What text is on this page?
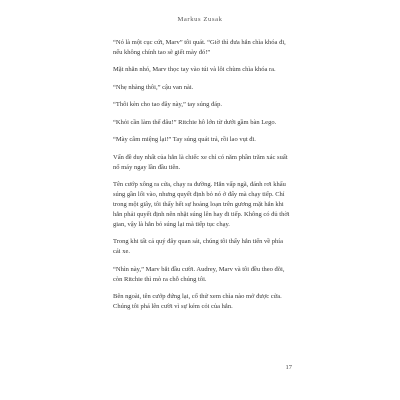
Markus Zusak

“Nó là một cục cứt, Marv” tôi quát. “Giờ thì đưa hắn chìa khóa đi, nếu không chính tao sẽ giết mày đó!”

Mặt nhăn nhó, Marv thọc tay vào túi và lôi chùm chìa khóa ra.

“Nhẹ nhàng thôi,” cậu van nài.

“Thôi kèn cho tao đây này,” tay súng đáp.

“Khỏi cần làm thế đâu!” Ritchie hô lớn từ dưới gầm bàn Lego.

“Mày câm miệng lại!” Tay súng quát trả, rồi lao vụt đi.

Vấn đề duy nhất của hắn là chiếc xe chỉ có năm phần trăm xác suất nổ máy ngay lần đầu tiên.

Tên cướp xông ra cửa, chạy ra đường. Hắn vấp ngã, đánh rơi khẩu súng gần lối vào, nhưng quyết định bỏ nó ở đấy mà chạy tiếp. Chỉ trong một giây, tôi thấy hết sự hoảng loạn trên gương mặt hắn khi hắn phải quyết định nên nhặt súng lên hay đi tiếp. Không có đủ thời gian, vậy là hắn bỏ súng lại mà tiếp tục chạy.

Trong khi tất cả quý đây quan sát, chúng tôi thấy hắn tiến về phía cái xe.

“Nhìn này,” Marv bắt đầu cười. Audrey, Marv và tôi đều theo đõi, còn Ritchie thì mò ra chỗ chúng tôi.

Bên ngoài, tên cướp đứng lại, cố thử xem chìa nào mở được cửa. Chúng tôi phá lên cười vì sự kém cỏi của hắn.

17
